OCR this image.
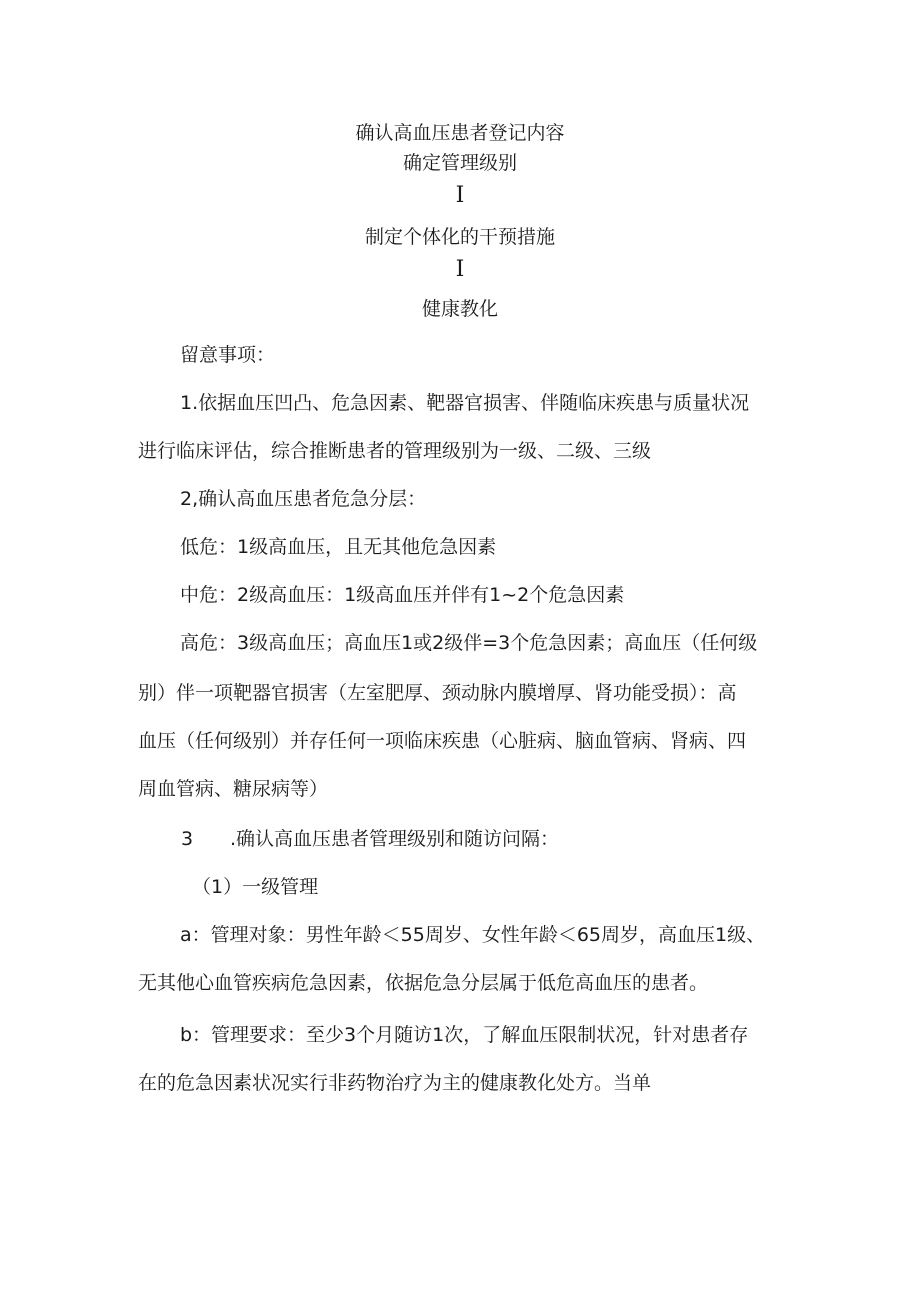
确认高血压患者登记内容
确定管理级别
I
制定个体化的干预措施
I
健康教化
留意事项：
1.依据血压凹凸、危急因素、靶器官损害、伴随临床疾患与质量状况
进行临床评估，综合推断患者的管理级别为一级、二级、三级
2,确认高血压患者危急分层：
低危：1级高血压，且无其他危急因素
中危：2级高血压：1级高血压并伴有1~2个危急因素
高危：3级高血压；高血压1或2级伴=3个危急因素；高血压（任何级
别）伴一项靶器官损害（左室肥厚、颈动脉内膜增厚、肾功能受损）：高
血压（任何级别）并存任何一项临床疾患（心脏病、脑血管病、肾病、四
周血管病、糖尿病等）
3 .确认高血压患者管理级别和随访问隔：
（1）一级管理
a：管理对象：男性年龄＜55周岁、女性年龄＜65周岁，高血压1级、
无其他心血管疾病危急因素，依据危急分层属于低危高血压的患者。
b：管理要求：至少3个月随访1次，了解血压限制状况，针对患者存
在的危急因素状况实行非药物治疗为主的健康教化处方。当单
